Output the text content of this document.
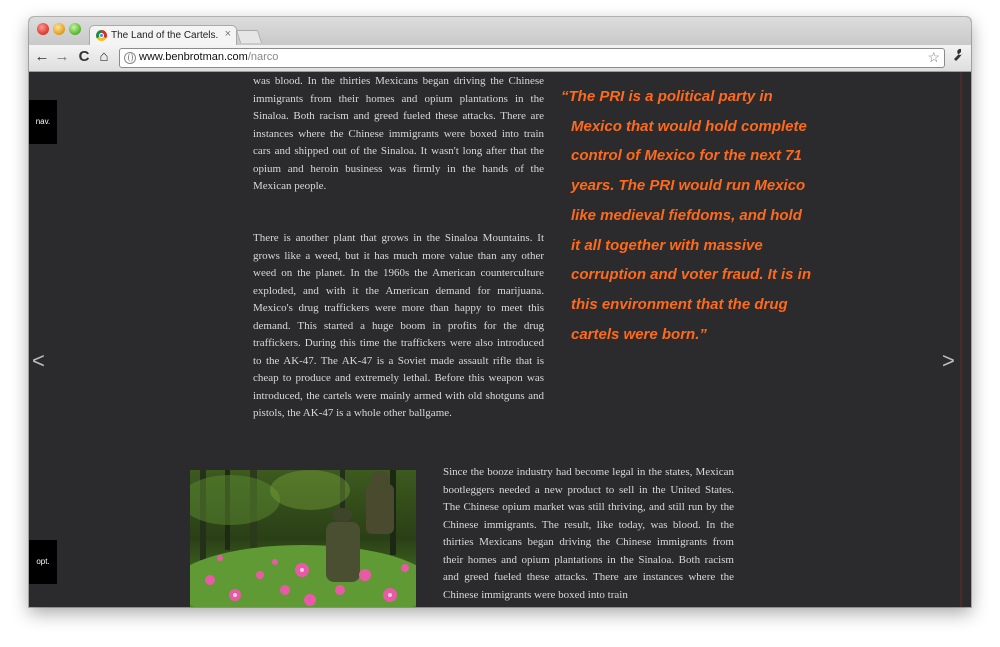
The Land of the Cartels. ×
← → C ⌂	www.benbrotman.com/narco	☆
nav.
opt.
<	>

was blood. In the thirties Mexicans began driving the Chinese immigrants from their homes and opium plantations in the Sinaloa. Both racism and greed fueled these attacks. There are instances where the Chinese immigrants were boxed into train cars and shipped out of the Sinaloa. It wasn't long after that the opium and heroin business was firmly in the hands of the Mexican people.

There is another plant that grows in the Sinaloa Mountains. It grows like a weed, but it has much more value than any other weed on the planet. In the 1960s the American counterculture exploded, and with it the American demand for marijuana. Mexico's drug traffickers were more than happy to meet this demand. This started a huge boom in profits for the drug traffickers. During this time the traffickers were also introduced to the AK-47. The AK-47 is a Soviet made assault rifle that is cheap to produce and extremely lethal. Before this weapon was introduced, the cartels were mainly armed with old shotguns and pistols, the AK-47 is a whole other ballgame.

“The PRI is a political party in Mexico that would hold complete control of Mexico for the next 71 years. The PRI would run Mexico like medieval fiefdoms, and hold it all together with massive corruption and voter fraud. It is in this environment that the drug cartels were born.”

Since the booze industry had become legal in the states, Mexican bootleggers needed a new product to sell in the United States. The Chinese opium market was still thriving, and still run by the Chinese immigrants. The result, like today, was blood. In the thirties Mexicans began driving the Chinese immigrants from their homes and opium plantations in the Sinaloa. Both racism and greed fueled these attacks. There are instances where the Chinese immigrants were boxed into train
